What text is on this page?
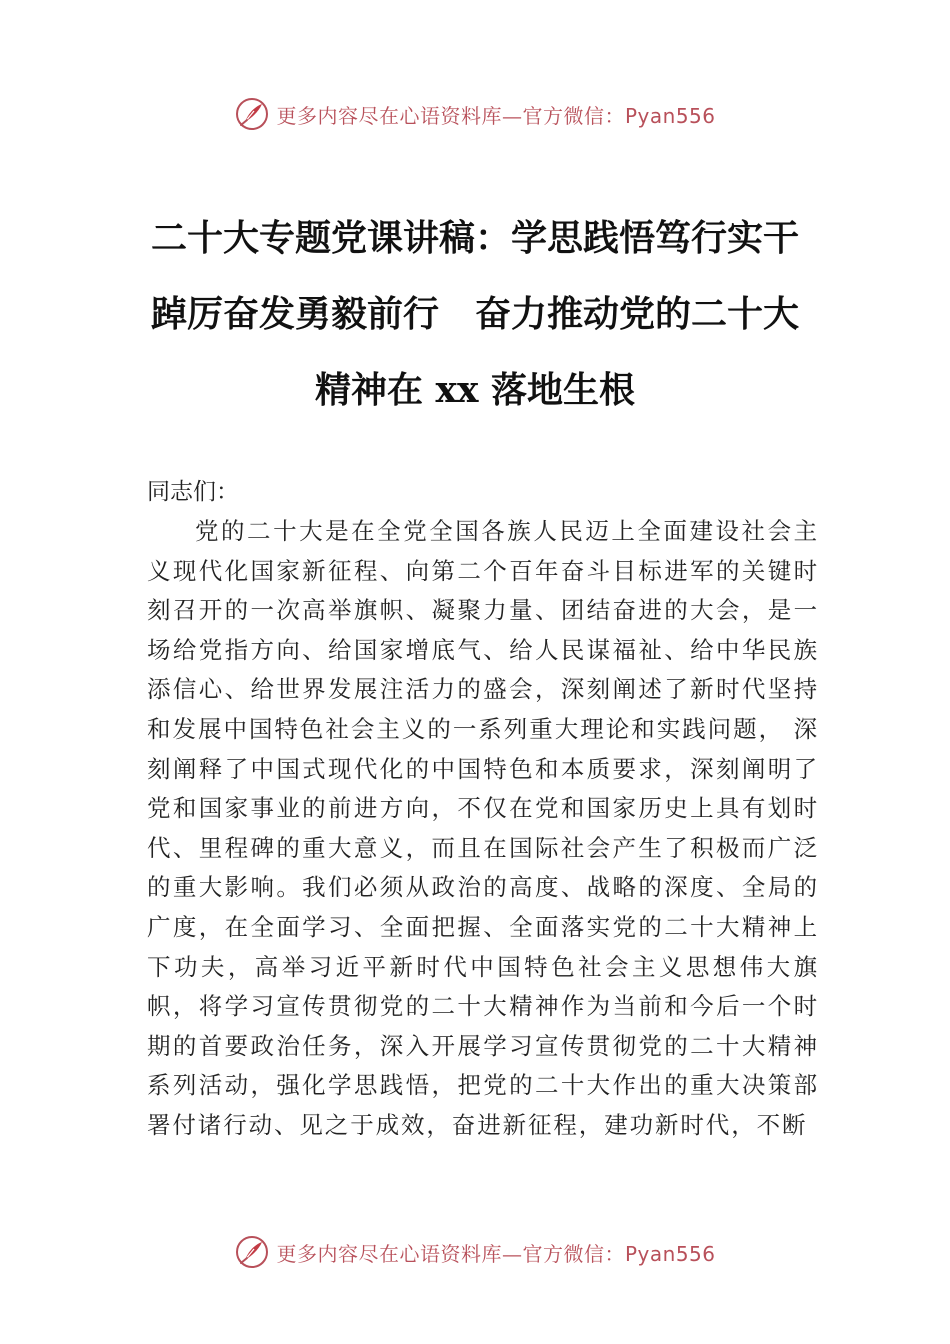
更多内容尽在心语资料库—官方微信：Pyan556
二十大专题党课讲稿：学思践悟笃行实干
踔厉奋发勇毅前行　奋力推动党的二十大
精神在 xx 落地生根
同志们：

党的二十大是在全党全国各族人民迈上全面建设社会主义现代化国家新征程、向第二个百年奋斗目标进军的关键时刻召开的一次高举旗帜、凝聚力量、团结奋进的大会，是一场给党指方向、给国家增底气、给人民谋福祉、给中华民族添信心、给世界发展注活力的盛会，深刻阐述了新时代坚持和发展中国特色社会主义的一系列重大理论和实践问题， 深刻阐释了中国式现代化的中国特色和本质要求，深刻阐明了党和国家事业的前进方向，不仅在党和国家历史上具有划时代、里程碑的重大意义，而且在国际社会产生了积极而广泛的重大影响。我们必须从政治的高度、战略的深度、全局的广度，在全面学习、全面把握、全面落实党的二十大精神上下功夫，高举习近平新时代中国特色社会主义思想伟大旗帜，将学习宣传贯彻党的二十大精神作为当前和今后一个时期的首要政治任务，深入开展学习宣传贯彻党的二十大精神系列活动，强化学思践悟，把党的二十大作出的重大决策部署付诸行动、见之于成效，奋进新征程，建功新时代，不断

更多内容尽在心语资料库—官方微信：Pyan556
